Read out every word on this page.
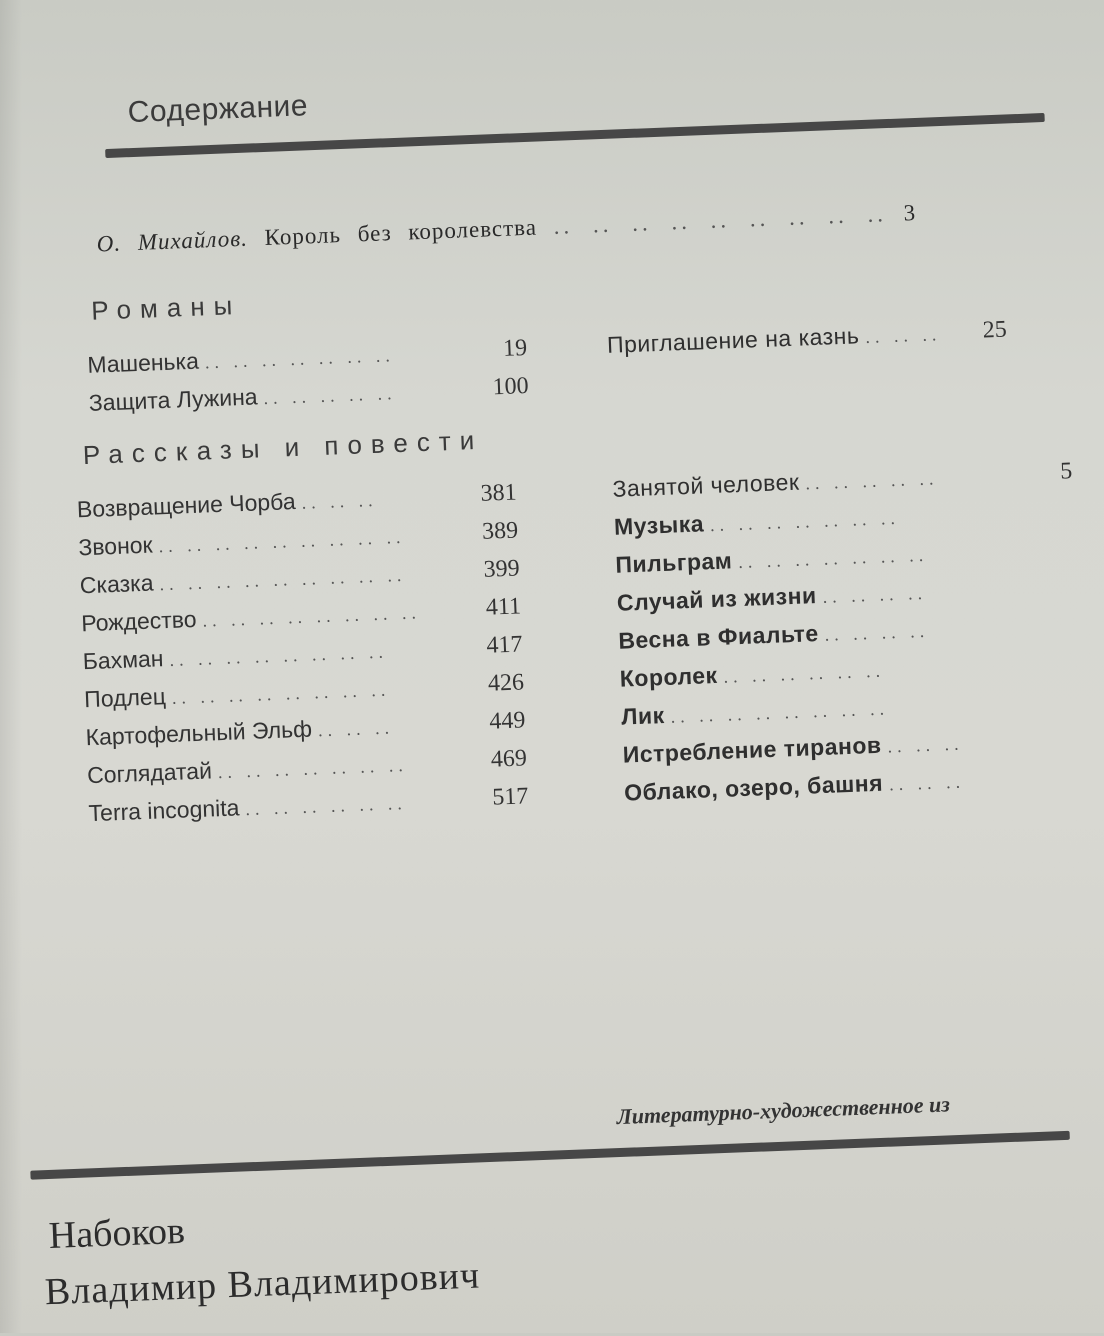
Содержание
О. Михайлов. Король без королевства .. .. .. .. .. .. .. .. .. 3
Романы
Машенька .. .. .. .. .. .. ..	19
Защита Лужина .. .. .. .. ..	100
Приглашение на казнь .. .. .. 25
Рассказы и повести
Возвращение Чорба .. .. ..	381
Звонок .. .. .. .. .. .. .. .. ..	389
Сказка .. .. .. .. .. .. .. .. ..	399
Рождество .. .. .. .. .. .. .. ..	411
Бахман .. .. .. .. .. .. .. ..	417
Подлец .. .. .. .. .. .. .. ..	426
Картофельный Эльф .. .. ..	449
Соглядатай .. .. .. .. .. .. ..	469
Terra incognita .. .. .. .. .. ..	517
Занятой человек .. .. .. .. ..	5
Музыка .. .. .. .. .. .. ..
Пильграм .. .. .. .. .. .. ..
Случай из жизни .. .. .. ..
Весна в Фиальте .. .. .. ..
Королек .. .. .. .. .. ..
Лик .. .. .. .. .. .. .. ..
Истребление тиранов .. .. ..
Облако, озеро, башня .. .. ..
Литературно-художественное из
Набоков
Владимир Владимирович
